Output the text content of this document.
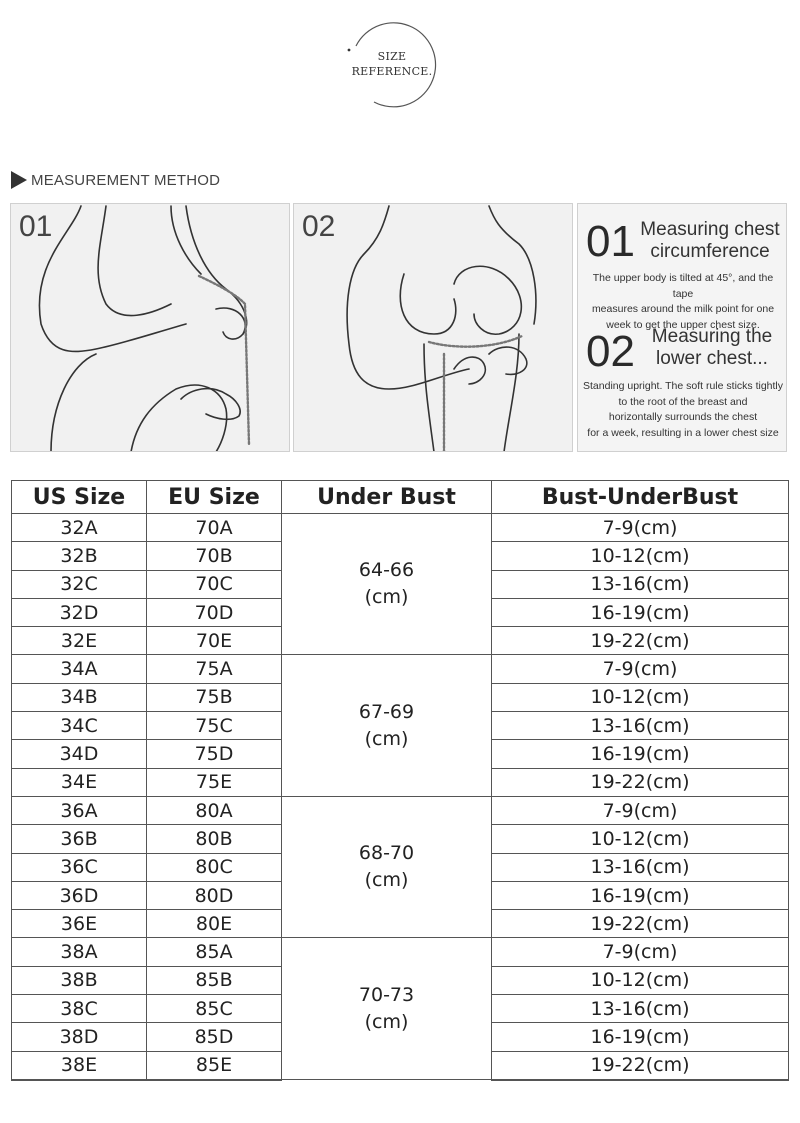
SIZE
REFERENCE.
MEASUREMENT METHOD
01	02	01 Measuring chest
circumference
The upper body is tilted at 45°, and the tape
measures around the milk point for one
week to get the upper chest size.
02 Measuring the
lower chest...
Standing upright. The soft rule sticks tightly
to the root of the breast and
horizontally surrounds the chest
for a week, resulting in a lower chest size
US Size	EU Size	Under Bust	Bust-UnderBust
32A	70A	64-66
(cm)	7-9(cm)
32B	70B		10-12(cm)
32C	70C		13-16(cm)
32D	70D		16-19(cm)
32E	70E		19-22(cm)
34A	75A	67-69
(cm)	7-9(cm)
34B	75B		10-12(cm)
34C	75C		13-16(cm)
34D	75D		16-19(cm)
34E	75E		19-22(cm)
36A	80A	68-70
(cm)	7-9(cm)
36B	80B		10-12(cm)
36C	80C		13-16(cm)
36D	80D		16-19(cm)
36E	80E		19-22(cm)
38A	85A	70-73
(cm)	7-9(cm)
38B	85B		10-12(cm)
38C	85C		13-16(cm)
38D	85D		16-19(cm)
38E	85E		19-22(cm)
